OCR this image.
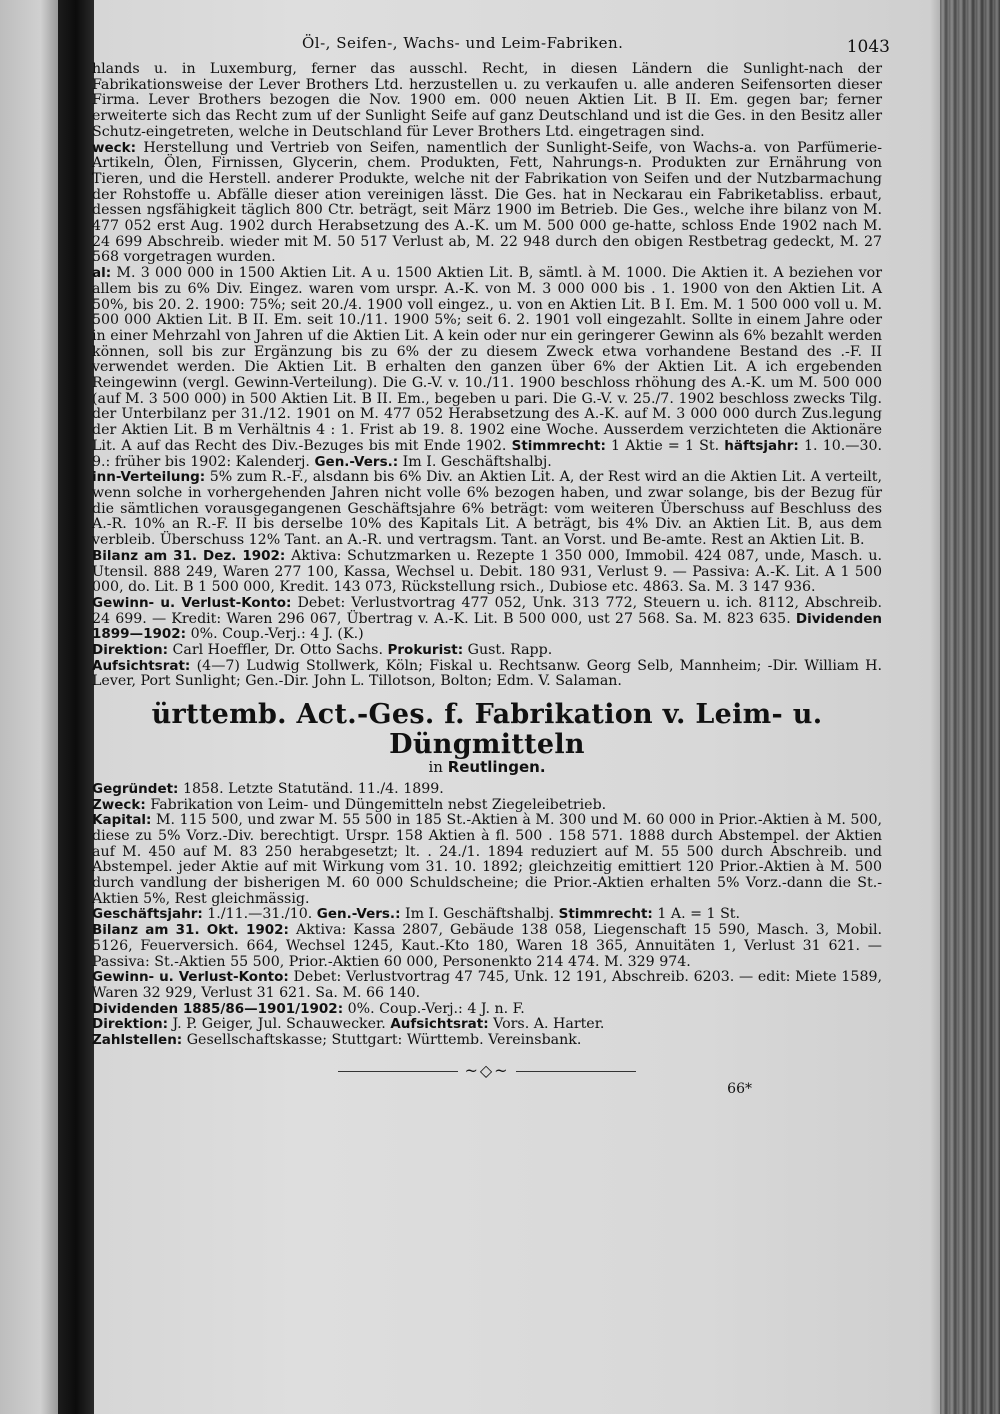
Öl-, Seifen-, Wachs- und Leim-Fabriken.	1043

hlands u. in Luxemburg, ferner das ausschl. Recht, in diesen Ländern die Sunlight-nach der Fabrikationsweise der Lever Brothers Ltd. herzustellen u. zu verkaufen u. alle anderen Seifensorten dieser Firma. Lever Brothers bezogen die Nov. 1900 em. 000 neuen Aktien Lit. B II. Em. gegen bar; ferner erweiterte sich das Recht zum uf der Sunlight Seife auf ganz Deutschland und ist die Ges. in den Besitz aller Schutz-eingetreten, welche in Deutschland für Lever Brothers Ltd. eingetragen sind.

weck: Herstellung und Vertrieb von Seifen, namentlich der Sunlight-Seife, von Wachs-a. von Parfümerie-Artikeln, Ölen, Firnissen, Glycerin, chem. Produkten, Fett, Nahrungs-n. Produkten zur Ernährung von Tieren, und die Herstell. anderer Produkte, welche nit der Fabrikation von Seifen und der Nutzbarmachung der Rohstoffe u. Abfälle dieser ation vereinigen lässt. Die Ges. hat in Neckarau ein Fabriketabliss. erbaut, dessen ngsfähigkeit täglich 800 Ctr. beträgt, seit März 1900 im Betrieb. Die Ges., welche ihre bilanz von M. 477 052 erst Aug. 1902 durch Herabsetzung des A.-K. um M. 500 000 ge-hatte, schloss Ende 1902 nach M. 24 699 Abschreib. wieder mit M. 50 517 Verlust ab, M. 22 948 durch den obigen Restbetrag gedeckt, M. 27 568 vorgetragen wurden.

al: M. 3 000 000 in 1500 Aktien Lit. A u. 1500 Aktien Lit. B, sämtl. à M. 1000. Die Aktien it. A beziehen vor allem bis zu 6% Div. Eingez. waren vom urspr. A.-K. von M. 3 000 000 bis . 1. 1900 von den Aktien Lit. A 50%, bis 20. 2. 1900: 75%; seit 20./4. 1900 voll eingez., u. von en Aktien Lit. B I. Em. M. 1 500 000 voll u. M. 500 000 Aktien Lit. B II. Em. seit 10./11. 1900 5%; seit 6. 2. 1901 voll eingezahlt. Sollte in einem Jahre oder in einer Mehrzahl von Jahren uf die Aktien Lit. A kein oder nur ein geringerer Gewinn als 6% bezahlt werden können, soll bis zur Ergänzung bis zu 6% der zu diesem Zweck etwa vorhandene Bestand des .-F. II verwendet werden. Die Aktien Lit. B erhalten den ganzen über 6% der Aktien Lit. A ich ergebenden Reingewinn (vergl. Gewinn-Verteilung). Die G.-V. v. 10./11. 1900 beschloss rhöhung des A.-K. um M. 500 000 (auf M. 3 500 000) in 500 Aktien Lit. B II. Em., begeben u pari. Die G.-V. v. 25./7. 1902 beschloss zwecks Tilg. der Unterbilanz per 31./12. 1901 on M. 477 052 Herabsetzung des A.-K. auf M. 3 000 000 durch Zus.legung der Aktien Lit. B m Verhältnis 4 : 1. Frist ab 19. 8. 1902 eine Woche. Ausserdem verzichteten die Aktionäre Lit. A auf das Recht des Div.-Bezuges bis mit Ende 1902. Stimmrecht: 1 Aktie = 1 St. häftsjahr: 1. 10.—30. 9.: früher bis 1902: Kalenderj. Gen.-Vers.: Im I. Geschäftshalbj.

inn-Verteilung: 5% zum R.-F., alsdann bis 6% Div. an Aktien Lit. A, der Rest wird an die Aktien Lit. A verteilt, wenn solche in vorhergehenden Jahren nicht volle 6% bezogen haben, und zwar solange, bis der Bezug für die sämtlichen vorausgegangenen Geschäftsjahre 6% beträgt: vom weiteren Überschuss auf Beschluss des A.-R. 10% an R.-F. II bis derselbe 10% des Kapitals Lit. A beträgt, bis 4% Div. an Aktien Lit. B, aus dem verbleib. Überschuss 12% Tant. an A.-R. und vertragsm. Tant. an Vorst. und Be-amte. Rest an Aktien Lit. B.

Bilanz am 31. Dez. 1902: Aktiva: Schutzmarken u. Rezepte 1 350 000, Immobil. 424 087, unde, Masch. u. Utensil. 888 249, Waren 277 100, Kassa, Wechsel u. Debit. 180 931, Verlust 9. — Passiva: A.-K. Lit. A 1 500 000, do. Lit. B 1 500 000, Kredit. 143 073, Rückstellung rsich., Dubiose etc. 4863. Sa. M. 3 147 936.

Gewinn- u. Verlust-Konto: Debet: Verlustvortrag 477 052, Unk. 313 772, Steuern u. ich. 8112, Abschreib. 24 699. — Kredit: Waren 296 067, Übertrag v. A.-K. Lit. B 500 000, ust 27 568. Sa. M. 823 635. Dividenden 1899—1902: 0%. Coup.-Verj.: 4 J. (K.)

Direktion: Carl Hoeffler, Dr. Otto Sachs. Prokurist: Gust. Rapp.

Aufsichtsrat: (4—7) Ludwig Stollwerk, Köln; Fiskal u. Rechtsanw. Georg Selb, Mannheim; -Dir. William H. Lever, Port Sunlight; Gen.-Dir. John L. Tillotson, Bolton; Edm. V. Salaman.

ürttemb. Act.-Ges. f. Fabrikation v. Leim- u. Düngmitteln
in Reutlingen.

Gegründet: 1858. Letzte Statutänd. 11./4. 1899.

Zweck: Fabrikation von Leim- und Düngemitteln nebst Ziegeleibetrieb.

Kapital: M. 115 500, und zwar M. 55 500 in 185 St.-Aktien à M. 300 und M. 60 000 in Prior.-Aktien à M. 500, diese zu 5% Vorz.-Div. berechtigt. Urspr. 158 Aktien à fl. 500 . 158 571. 1888 durch Abstempel. der Aktien auf M. 450 auf M. 83 250 herabgesetzt; lt. . 24./1. 1894 reduziert auf M. 55 500 durch Abschreib. und Abstempel. jeder Aktie auf mit Wirkung vom 31. 10. 1892; gleichzeitig emittiert 120 Prior.-Aktien à M. 500 durch vandlung der bisherigen M. 60 000 Schuldscheine; die Prior.-Aktien erhalten 5% Vorz.-dann die St.-Aktien 5%, Rest gleichmässig.

Geschäftsjahr: 1./11.—31./10. Gen.-Vers.: Im I. Geschäftshalbj. Stimmrecht: 1 A. = 1 St.

Bilanz am 31. Okt. 1902: Aktiva: Kassa 2807, Gebäude 138 058, Liegenschaft 15 590, Masch. 3, Mobil. 5126, Feuerversich. 664, Wechsel 1245, Kaut.-Kto 180, Waren 18 365, Annuitäten 1, Verlust 31 621. — Passiva: St.-Aktien 55 500, Prior.-Aktien 60 000, Personenkto 214 474. M. 329 974.

Gewinn- u. Verlust-Konto: Debet: Verlustvortrag 47 745, Unk. 12 191, Abschreib. 6203. — edit: Miete 1589, Waren 32 929, Verlust 31 621. Sa. M. 66 140.

Dividenden 1885/86—1901/1902: 0%. Coup.-Verj.: 4 J. n. F.

Direktion: J. P. Geiger, Jul. Schauwecker. Aufsichtsrat: Vors. A. Harter.

Zahlstellen: Gesellschaftskasse; Stuttgart: Württemb. Vereinsbank.

~◇~
66*
